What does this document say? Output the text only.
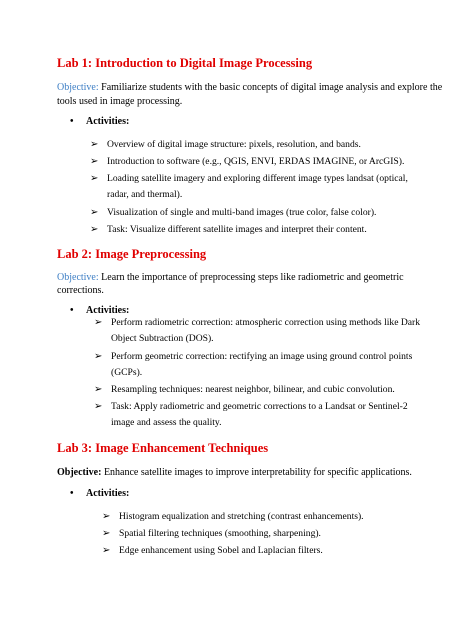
Lab 1: Introduction to Digital Image Processing
Objective: Familiarize students with the basic concepts of digital image analysis and explore the
tools used in image processing.
• Activities:
➢ Overview of digital image structure: pixels, resolution, and bands.
➢ Introduction to software (e.g., QGIS, ENVI, ERDAS IMAGINE, or ArcGIS).
➢ Loading satellite imagery and exploring different image types landsat (optical,
radar, and thermal).
➢ Visualization of single and multi-band images (true color, false color).
➢ Task: Visualize different satellite images and interpret their content.
Lab 2: Image Preprocessing
Objective: Learn the importance of preprocessing steps like radiometric and geometric
corrections.
• Activities:
➢ Perform radiometric correction: atmospheric correction using methods like Dark
Object Subtraction (DOS).
➢ Perform geometric correction: rectifying an image using ground control points
(GCPs).
➢ Resampling techniques: nearest neighbor, bilinear, and cubic convolution.
➢ Task: Apply radiometric and geometric corrections to a Landsat or Sentinel-2
image and assess the quality.
Lab 3: Image Enhancement Techniques
Objective: Enhance satellite images to improve interpretability for specific applications.
• Activities:
➢ Histogram equalization and stretching (contrast enhancements).
➢ Spatial filtering techniques (smoothing, sharpening).
➢ Edge enhancement using Sobel and Laplacian filters.
